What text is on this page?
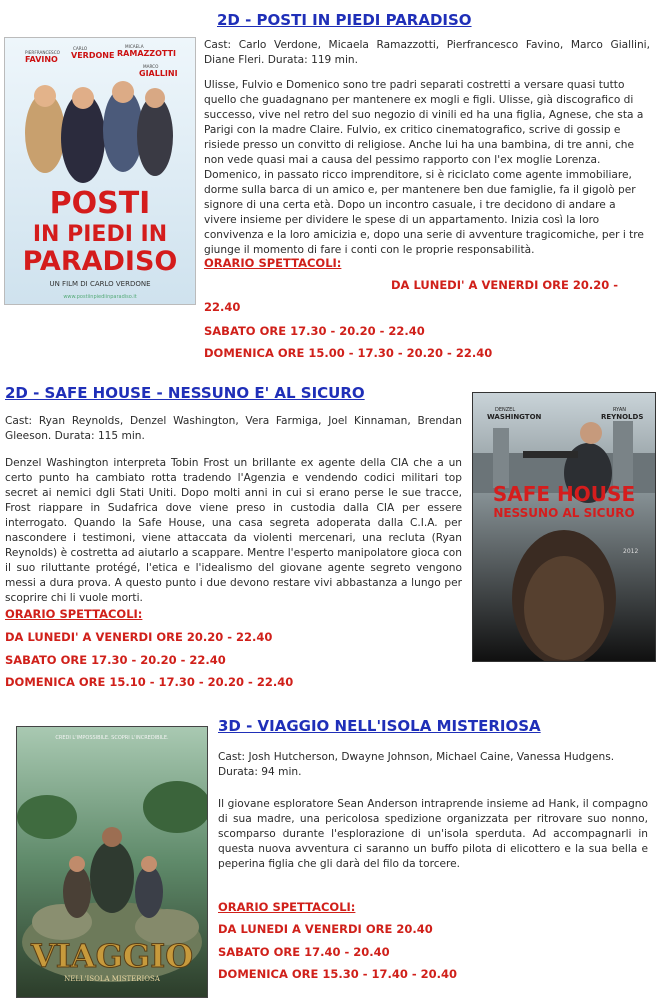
2D - POSTI IN PIEDI PARADISO
PIERFRANCESCO
FAVINO
CARLO
VERDONE
MICAELA
RAMAZZOTTI
MARCO
GIALLINI
POSTI
IN PIEDI IN
PARADISO
UN FILM DI CARLO VERDONE
www.postiinpiediinparadiso.it
Cast: Carlo Verdone, Micaela Ramazzotti, Pierfrancesco Favino, Marco Giallini, Diane Fleri. Durata: 119 min.
Ulisse, Fulvio e Domenico sono tre padri separati costretti a versare quasi tutto quello che guadagnano per mantenere ex mogli e figli. Ulisse, già discografico di successo, vive nel retro del suo negozio di vinili ed ha una figlia, Agnese, che sta a Parigi con la madre Claire. Fulvio, ex critico cinematografico, scrive di gossip e risiede presso un convitto di religiose. Anche lui ha una bambina, di tre anni, che non vede quasi mai a causa del pessimo rapporto con l'ex moglie Lorenza. Domenico, in passato ricco imprenditore, si è riciclato come agente immobiliare, dorme sulla barca di un amico e, per mantenere ben due famiglie, fa il gigolò per signore di una certa età. Dopo un incontro casuale, i tre decidono di andare a vivere insieme per dividere le spese di un appartamento. Inizia così la loro convivenza e la loro amicizia e, dopo una serie di avventure tragicomiche, per i tre giunge il momento di fare i conti con le proprie responsabilità.
ORARIO SPETTACOLI:
DA LUNEDI' A VENERDI ORE 20.20 -
22.40
SABATO ORE 17.30 - 20.20 - 22.40
DOMENICA ORE 15.00 - 17.30 - 20.20 - 22.40
2D - SAFE HOUSE - NESSUNO E' AL SICURO
Cast: Ryan Reynolds, Denzel Washington, Vera Farmiga, Joel Kinnaman, Brendan Gleeson. Durata: 115 min.
Denzel Washington interpreta Tobin Frost un brillante ex agente della CIA che a un certo punto ha cambiato rotta tradendo l'Agenzia e vendendo codici militari top secret ai nemici dgli Stati Uniti. Dopo molti anni in cui si erano perse le sue tracce, Frost riappare in Sudafrica dove viene preso in custodia dalla CIA per essere interrogato. Quando la Safe House, una casa segreta adoperata dalla C.I.A. per nascondere i testimoni, viene attaccata da violenti mercenari, una recluta (Ryan Reynolds) è costretta ad aiutarlo a scappare. Mentre l'esperto manipolatore gioca con il suo riluttante protégé, l'etica e l'idealismo del giovane agente segreto vengono messi a dura prova. A questo punto i due devono restare vivi abbastanza a lungo per scoprire chi li vuole morti.
ORARIO SPETTACOLI:
DA LUNEDI' A VENERDI ORE 20.20 - 22.40
SABATO ORE 17.30 - 20.20 - 22.40
DOMENICA ORE 15.10 - 17.30 - 20.20 - 22.40
DENZEL
WASHINGTON
RYAN
REYNOLDS
SAFE HOUSE
NESSUNO AL SICURO
2012
3D - VIAGGIO NELL'ISOLA MISTERIOSA
CREDI L'IMPOSSIBILE. SCOPRI L'INCREDIBILE.
VIAGGIO
NELL'ISOLA MISTERIOSA
Cast: Josh Hutcherson, Dwayne Johnson, Michael Caine, Vanessa Hudgens. Durata: 94 min.
Il giovane esploratore Sean Anderson intraprende insieme ad Hank, il compagno di sua madre, una pericolosa spedizione organizzata per ritrovare suo nonno, scomparso durante l'esplorazione di un'isola sperduta. Ad accompagnarli in questa nuova avventura ci saranno un buffo pilota di elicottero e la sua bella e peperina figlia che gli darà del filo da torcere.
ORARIO SPETTACOLI:
DA LUNEDI A VENERDI ORE 20.40
SABATO ORE 17.40 - 20.40
DOMENICA ORE 15.30 - 17.40 - 20.40
